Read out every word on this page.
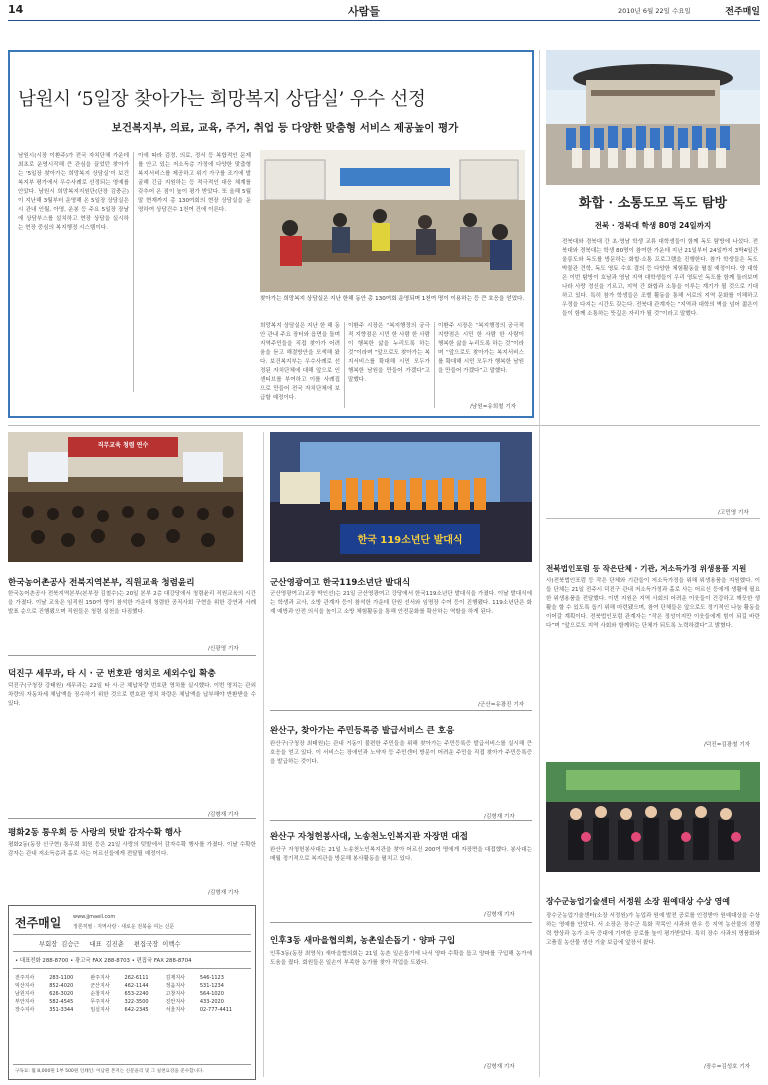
14	사람들	2010년 6월 22일 수요일	전주매일
남원시 ‘5일장 찾아가는 희망복지 상담실’ 우수 선정
보건복지부, 의료, 교육, 주거, 취업 등 다양한 맞춤형 서비스 제공높이 평가
남원시(시장 이환주)가 전국 자치단체 가운데 최초로 운영시작해 큰 관심을 끌었던 찾아가는 ‘5일장 찾아가는 희망복지 상담실’이 보건복지부 평가에서 우수사례로 선정되는 영예를 안았다. 남원시 희망복지지원단(단장 김충곤)이 지난해 3월부터 운영해 온 5일장 상담실은 시 관내 인월, 아영, 운봉 등 주요 5일장 장날에 상담부스를 설치하고 현장 상담을 실시하는 현장 중심의 복지행정 시스템이다.
이에 따라 검경, 의료, 정서 등 복합적인 문제를 안고 있는 저소득층 가정에 다양한 맞춤형 복지서비스를 제공하고 위기 가구를 조기에 발굴해 긴급 지원하는 등 적극적인 대응 체계를 갖추어 온 점이 높이 평가 받았다. 또 올해 5월말 현재까지 총 130여회의 현장 상담실을 운영하여 상담건수 1천여 건에 이른다.
찾아가는 희망복지 상담실은 지난 한해 동안 총 130여회 운영되며 1천여 명이 이용하는 등 큰 호응을 얻었다.
희망복지 상담실은 지난 한 해 동안 관내 주요 장터와 읍면을 돌며 지역주민들을 직접 찾아가 어려움을 듣고 해결방안을 모색해 왔다. 보건복지부는 우수사례로 선정된 자치단체에 대해 앞으로 인센티브를 부여하고 이를 사례집으로 만들어 전국 자치단체에 보급할 예정이다.
이환주 시장은 “복지행정의 궁극적 지향점은 시민 한 사람 한 사람이 행복한 삶을 누리도록 하는 것”이라며 “앞으로도 찾아가는 복지서비스를 확대해 시민 모두가 행복한 남원을 만들어 가겠다”고 말했다.
이환주 시장은 “복지행정의 궁극적 지향점은 시민 한 사람 한 사람이 행복한 삶을 누리도록 하는 것”이라며 “앞으로도 찾아가는 복지서비스를 확대해 시민 모두가 행복한 남원을 만들어 가겠다”고 말했다.
/남원=유희철 기자
화합 · 소통도모 독도 탐방
전북 · 경북대 학생 80명 24일까지
전북대와 경북대 간 초·영남 학생 교류 대학생들이 함께 독도 탐방에 나섰다. 전북대와 경북대는 학생 80명이 참여한 가운데 지난 21일부터 24일까지 3박4일간 울릉도와 독도를 방문하는 화합·소통 프로그램을 진행한다. 참가 학생들은 독도박물관 견학, 독도 영토 수호 결의 등 다양한 체험활동을 펼칠 예정이다. 양 대학은 이번 탐방이 호남과 영남 지역 대학생들이 우리 영토인 독도를 함께 둘러보며 나라 사랑 정신을 기르고, 지역 간 화합과 소통을 이루는 계기가 될 것으로 기대하고 있다. 특히 참가 학생들은 조별 활동을 통해 서로의 지역 문화를 이해하고 우정을 다지는 시간도 갖는다. 전북대 관계자는 “지역과 대학의 벽을 넘어 젊은이들이 함께 소통하는 뜻깊은 자리가 될 것”이라고 말했다.
/고민영 기자
직무교육 청렴 연수
한국 119소년단 발대식
한국농어촌공사 전북지역본부, 직원교육 청렴윤리
한국농어촌공사 전북지역본부(본부장 김철수)는 20일 본부 2층 대강당에서 청렴윤리 직원교육의 시간을 가졌다. 이날 교육은 임직원 150여 명이 참석한 가운데 청렴한 공직사회 구현을 위한 강연과 사례발표 순으로 진행됐으며 직원들은 청렴 실천을 다짐했다.
/신광영 기자
군산영광여고 한국119소년단 발대식
군산영광여고(교장 박인선)는 21일 군산영광여고 강당에서 한국119소년단 발대식을 가졌다. 이날 발대식에는 학생과 교사, 소방 관계자 등이 참석한 가운데 단원 선서와 임명장 수여 등이 진행됐다. 119소년단은 화재 예방과 안전 의식을 높이고 소방 체험활동을 통해 안전문화를 확산하는 역할을 하게 된다.
/군산=유광진 기자
전북법인포럼 등 작은단체 · 기관, 저소득가정 위생용품 지원
사)전북법인포럼 등 작은 단체와 기관들이 저소득가정을 위해 위생용품을 지원했다. 이들 단체는 21일 전주시 덕진구 관내 저소득가정과 홀로 사는 어르신 등에게 생활에 필요한 위생용품을 전달했다. 이번 지원은 지역 사회의 어려운 이웃들이 건강하고 깨끗한 생활을 할 수 있도록 돕기 위해 마련됐으며, 참여 단체들은 앞으로도 정기적인 나눔 활동을 이어갈 계획이다. 전북법인포럼 관계자는 “작은 정성이지만 이웃들에게 힘이 되길 바란다”며 “앞으로도 지역 사회와 함께하는 단체가 되도록 노력하겠다”고 밝혔다.
/덕진=김광철 기자
덕진구 세무과, 타 시 · 군 번호판 영치로 세외수입 확충
덕진구(구청장 강태원) 세무과는 22일 타 시·군 체납차량 번호판 영치를 실시했다. 이번 영치는 관외 차량의 자동차세 체납액을 징수하기 위한 것으로 번호판 영치 차량은 체납액을 납부해야 반환받을 수 있다.
/김형재 기자
평화2동 통우회 등 사랑의 텃밭 감자수확 행사
평화2동(동장 신구현) 통우회 회원 등은 21일 사랑의 텃밭에서 감자수확 행사를 가졌다. 이날 수확한 감자는 관내 저소득층과 홀로 사는 어르신들에게 전달될 예정이다.
/김형재 기자
전주매일 www.jjmaeil.com
정론직필 · 지역사랑 · 새로운 전북을 여는 신문
부회장  김승근     대표  김진춘     편집국장  이백수
• 대표전화 288-8700 • 광고국 FAX 288-8703 • 편집국 FAX 288-8704
전주지사	283-1100	완주지사	262-6111	김제지사	546-1123
익산지사	852-4020	군산지사	462-1144	정읍지사	531-1234
남원지사	626-3020	순창지사	653-2240	고창지사	564-1020
부안지사	582-4545	무주지사	322-3500	진안지사	433-2020
장수지사	351-3344	임실지사	642-2345	서울지사	02-777-4411
구독료: 월 8,000원 1부 500원 인쇄인: 이남원 본지는 신문윤리 및 그 실천요강을 준수합니다.
완산구, 찾아가는 주민등록증 발급서비스 큰 호응
완산구(구청장 최태원)는 관내 거동이 불편한 주민들을 위해 찾아가는 주민등록증 발급서비스를 실시해 큰 호응을 얻고 있다. 이 서비스는 장애인과 노약자 등 주민센터 방문이 어려운 주민을 직접 찾아가 주민등록증을 발급하는 것이다.
/김형재 기자
완산구 자청헌봉사대, 노송천노인복지관 자장면 대접
완산구 자청헌봉사대는 21일 노송천노인복지관을 찾아 어르신 200여 명에게 자장면을 대접했다. 봉사대는 매월 정기적으로 복지관을 방문해 봉사활동을 펼치고 있다.
/김형재 기자
인후3동 새마을협의회, 농촌일손돕기 · 양파 구입
인후3동(동장 최영식) 새마을협의회는 21일 농촌 일손돕기에 나서 양파 수확을 돕고 양파를 구입해 농가에 도움을 줬다. 회원들은 일손이 부족한 농가를 찾아 작업을 도왔다.
/김형재 기자
장수군농업기술센터 서정원 소장 원예대상 수상 영예
장수군농업기술센터(소장 서정원)가 농업과 원예 발전 공로를 인정받아 원예대상을 수상하는 영예를 안았다. 서 소장은 장수군 특화 작목인 사과와 한우 등 지역 농산물의 경쟁력 향상과 농가 소득 증대에 기여한 공로를 높이 평가받았다. 특히 장수 사과의 명품화와 고품질 농산물 생산 기술 보급에 앞장서 왔다.
/장수=김성호 기자
